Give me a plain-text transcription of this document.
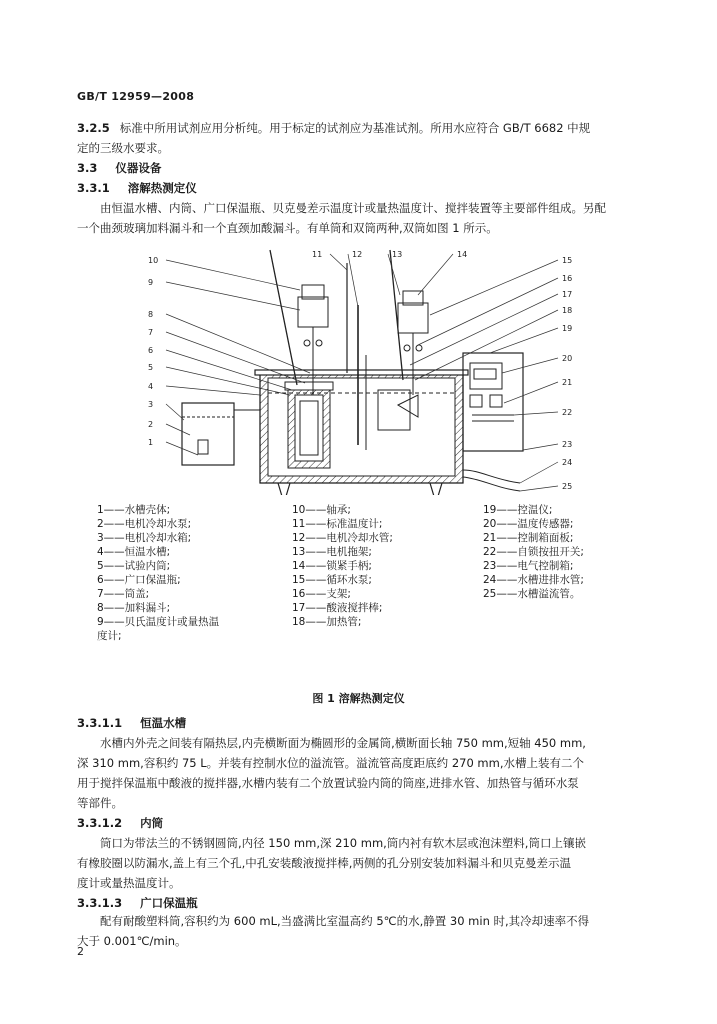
GB/T 12959—2008
3.2.5 标准中所用试剂应用分析纯。用于标定的试剂应为基准试剂。所用水应符合 GB/T 6682 中规
定的三级水要求。
3.3 仪器设备
3.3.1 溶解热测定仪
由恒温水槽、内筒、广口保温瓶、贝克曼差示温度计或量热温度计、搅拌装置等主要部件组成。另配
一个曲颈玻璃加料漏斗和一个直颈加酸漏斗。有单筒和双筒两种,双筒如图 1 所示。
1
2
3
4
5
6
7
8
9
10
11	12	13	14
15
16
17
18
19
20
21
22
23
24
25
1——水槽壳体;
2——电机冷却水泵;
3——电机冷却水箱;
4——恒温水槽;
5——试验内筒;
6——广口保温瓶;
7——筒盖;
8——加料漏斗;
9——贝氏温度计或量热温
度计;
10——轴承;
11——标准温度计;
12——电机冷却水管;
13——电机拖架;
14——锁紧手柄;
15——循环水泵;
16——支架;
17——酸液搅拌棒;
18——加热管;
19——控温仪;
20——温度传感器;
21——控制箱面板;
22——自锁按扭开关;
23——电气控制箱;
24——水槽进排水管;
25——水槽溢流管。
图 1 溶解热测定仪
3.3.1.1 恒温水槽
水槽内外壳之间装有隔热层,内壳横断面为椭圆形的金属筒,横断面长轴 750 mm,短轴 450 mm,
深 310 mm,容积约 75 L。并装有控制水位的溢流管。溢流管高度距底约 270 mm,水槽上装有二个
用于搅拌保温瓶中酸液的搅拌器,水槽内装有二个放置试验内筒的筒座,进排水管、加热管与循环水泵
等部件。
3.3.1.2 内筒
筒口为带法兰的不锈钢圆筒,内径 150 mm,深 210 mm,筒内衬有软木层或泡沫塑料,筒口上镶嵌
有橡胶圈以防漏水,盖上有三个孔,中孔安装酸液搅拌棒,两侧的孔分别安装加料漏斗和贝克曼差示温
度计或量热温度计。
3.3.1.3 广口保温瓶
配有耐酸塑料筒,容积约为 600 mL,当盛满比室温高约 5℃的水,静置 30 min 时,其冷却速率不得
大于 0.001℃/min。
2
